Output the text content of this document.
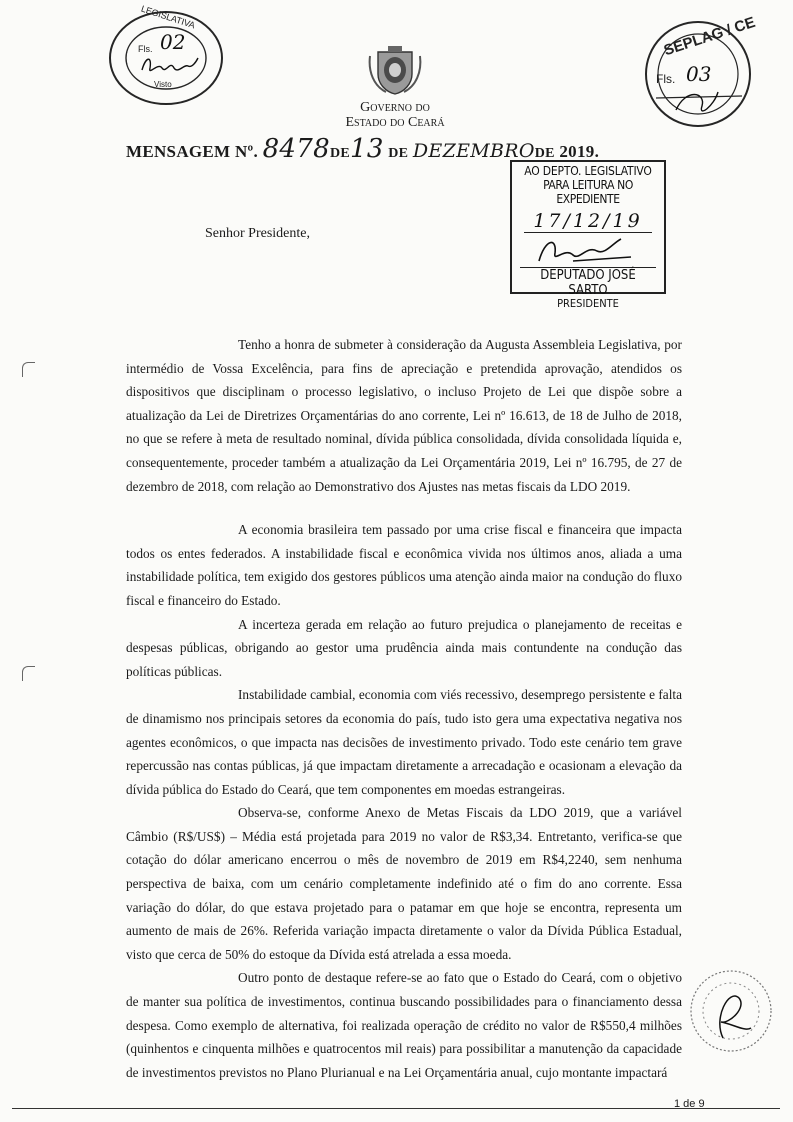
Fls. 02
Visto
LEGISLATIVA
Governo do
Estado do Ceará
SEPLAG / CE
Fls. 03
MENSAGEM Nº. 8478DE13 DE DEZEMBRODE 2019.
AO DEPTO. LEGISLATIVO
PARA LEITURA NO EXPEDIENTE
17/12/19
DEPUTADO JOSÉ SARTO
PRESIDENTE
Senhor Presidente,

Tenho a honra de submeter à consideração da Augusta Assembleia Legislativa, por intermédio de Vossa Excelência, para fins de apreciação e pretendida aprovação, atendidos os dispositivos que disciplinam o processo legislativo, o incluso Projeto de Lei que dispõe sobre a atualização da Lei de Diretrizes Orçamentárias do ano corrente, Lei nº 16.613, de 18 de Julho de 2018, no que se refere à meta de resultado nominal, dívida pública consolidada, dívida consolidada líquida e, consequentemente, proceder também a atualização da Lei Orçamentária 2019, Lei nº 16.795, de 27 de dezembro de 2018, com relação ao Demonstrativo dos Ajustes nas metas fiscais da LDO 2019.

A economia brasileira tem passado por uma crise fiscal e financeira que impacta todos os entes federados. A instabilidade fiscal e econômica vivida nos últimos anos, aliada a uma instabilidade política, tem exigido dos gestores públicos uma atenção ainda maior na condução do fluxo fiscal e financeiro do Estado.

A incerteza gerada em relação ao futuro prejudica o planejamento de receitas e despesas públicas, obrigando ao gestor uma prudência ainda mais contundente na condução das políticas públicas.

Instabilidade cambial, economia com viés recessivo, desemprego persistente e falta de dinamismo nos principais setores da economia do país, tudo isto gera uma expectativa negativa nos agentes econômicos, o que impacta nas decisões de investimento privado. Todo este cenário tem grave repercussão nas contas públicas, já que impactam diretamente a arrecadação e ocasionam a elevação da dívida pública do Estado do Ceará, que tem componentes em moedas estrangeiras.

Observa-se, conforme Anexo de Metas Fiscais da LDO 2019, que a variável Câmbio (R$/US$) – Média está projetada para 2019 no valor de R$3,34. Entretanto, verifica-se que cotação do dólar americano encerrou o mês de novembro de 2019 em R$4,2240, sem nenhuma perspectiva de baixa, com um cenário completamente indefinido até o fim do ano corrente. Essa variação do dólar, do que estava projetado para o patamar em que hoje se encontra, representa um aumento de mais de 26%. Referida variação impacta diretamente o valor da Dívida Pública Estadual, visto que cerca de 50% do estoque da Dívida está atrelada a essa moeda.

Outro ponto de destaque refere-se ao fato que o Estado do Ceará, com o objetivo de manter sua política de investimentos, continua buscando possibilidades para o financiamento dessa despesa. Como exemplo de alternativa, foi realizada operação de crédito no valor de R$550,4 milhões (quinhentos e cinquenta milhões e quatrocentos mil reais) para possibilitar a manutenção da capacidade de investimentos previstos no Plano Plurianual e na Lei Orçamentária anual, cujo montante impactará

1 de 9
